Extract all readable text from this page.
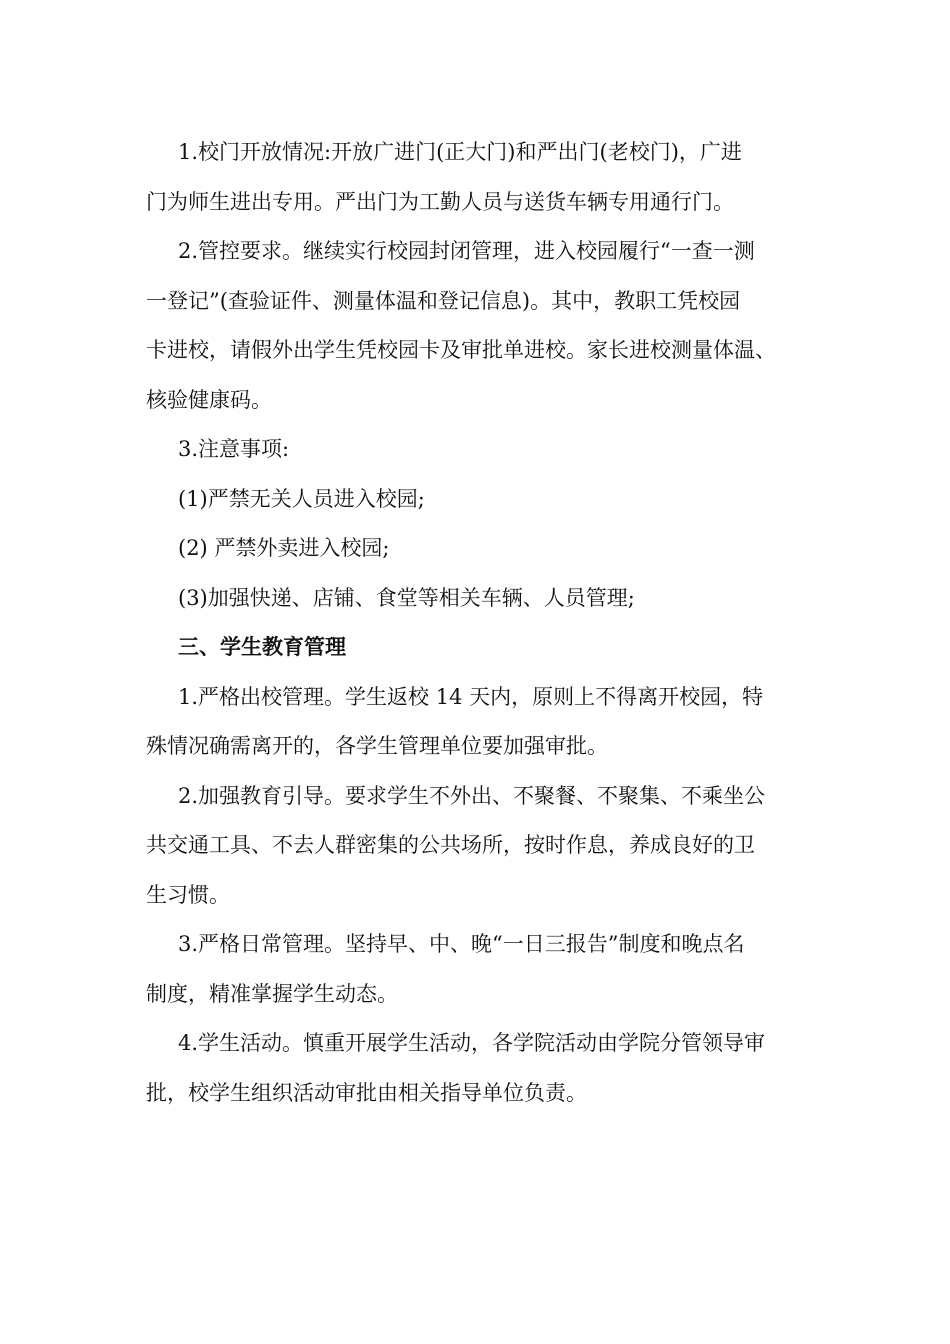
1.校门开放情况:开放广进门(正大门)和严出门(老校门)，广进
门为师生进出专用。严出门为工勤人员与送货车辆专用通行门。
2.管控要求。继续实行校园封闭管理，进入校园履行“一查一测
一登记”(查验证件、测量体温和登记信息)。其中，教职工凭校园
卡进校，请假外出学生凭校园卡及审批单进校。家长进校测量体温、
核验健康码。
3.注意事项:
(1)严禁无关人员进入校园;
(2) 严禁外卖进入校园;
(3)加强快递、店铺、食堂等相关车辆、人员管理;
三、学生教育管理
1.严格出校管理。学生返校 14 天内，原则上不得离开校园，特
殊情况确需离开的，各学生管理单位要加强审批。
2.加强教育引导。要求学生不外出、不聚餐、不聚集、不乘坐公
共交通工具、不去人群密集的公共场所，按时作息，养成良好的卫
生习惯。
3.严格日常管理。坚持早、中、晚“一日三报告”制度和晚点名
制度，精准掌握学生动态。
4.学生活动。慎重开展学生活动，各学院活动由学院分管领导审
批，校学生组织活动审批由相关指导单位负责。
